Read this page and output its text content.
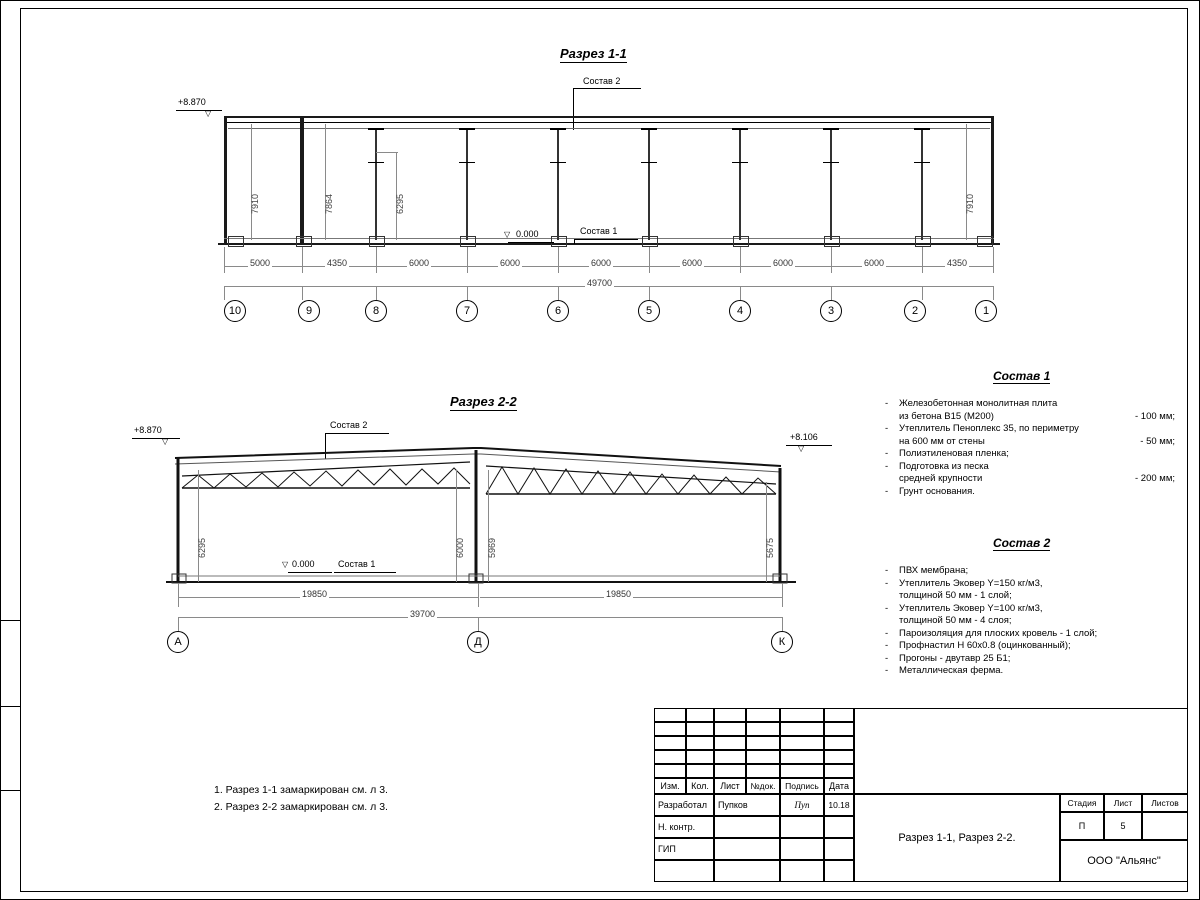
Разрез 1-1
Состав 2
+8.870
▽
0.000
▽	Состав 1
7910	7864	6295	7910
5000	4350	6000	6000	6000	6000	6000	6000	4350
49700
10	9	8	7	6	5	4	3	2	1
Разрез 2-2
Состав 2
+8.870
▽	+8.106
▽
6295	6000 5969	5675
0.000
▽	Состав 1
19850	19850
39700
А	Д	К
Состав 1
-	Железобетонная монолитная плита
из бетона В15 (М200)	- 100 мм;
-	Утеплитель Пеноплекс 35, по периметру
на 600 мм от стены	- 50 мм;
-	Полиэтиленовая пленка;
-	Подготовка из песка
средней крупности	- 200 мм;
-	Грунт основания.
Состав 2
-	ПВХ мембрана;
-	Утеплитель Эковер Y=150 кг/м3,
толщиной 50 мм - 1 слой;
-	Утеплитель Эковер Y=100 кг/м3,
толщиной 50 мм - 4 слоя;
-	Пароизоляция для плоских кровель - 1 слой;
-	Профнастил Н 60х0.8 (оцинкованный);
-	Прогоны - двутавр 25 Б1;
-	Металлическая ферма.
1. Разрез 1-1 замаркирован см. л 3.
2. Разрез 2-2 замаркирован см. л 3.
Изм.	Кол.	Лист	№док.	Подпись	Дата
Разработал	Пупков	Пуп	10.18
Н. контр.
ГИП
Разрез 1-1, Разрез 2-2.
Стадия	Лист	Листов
П	5
ООО "Альянс"
